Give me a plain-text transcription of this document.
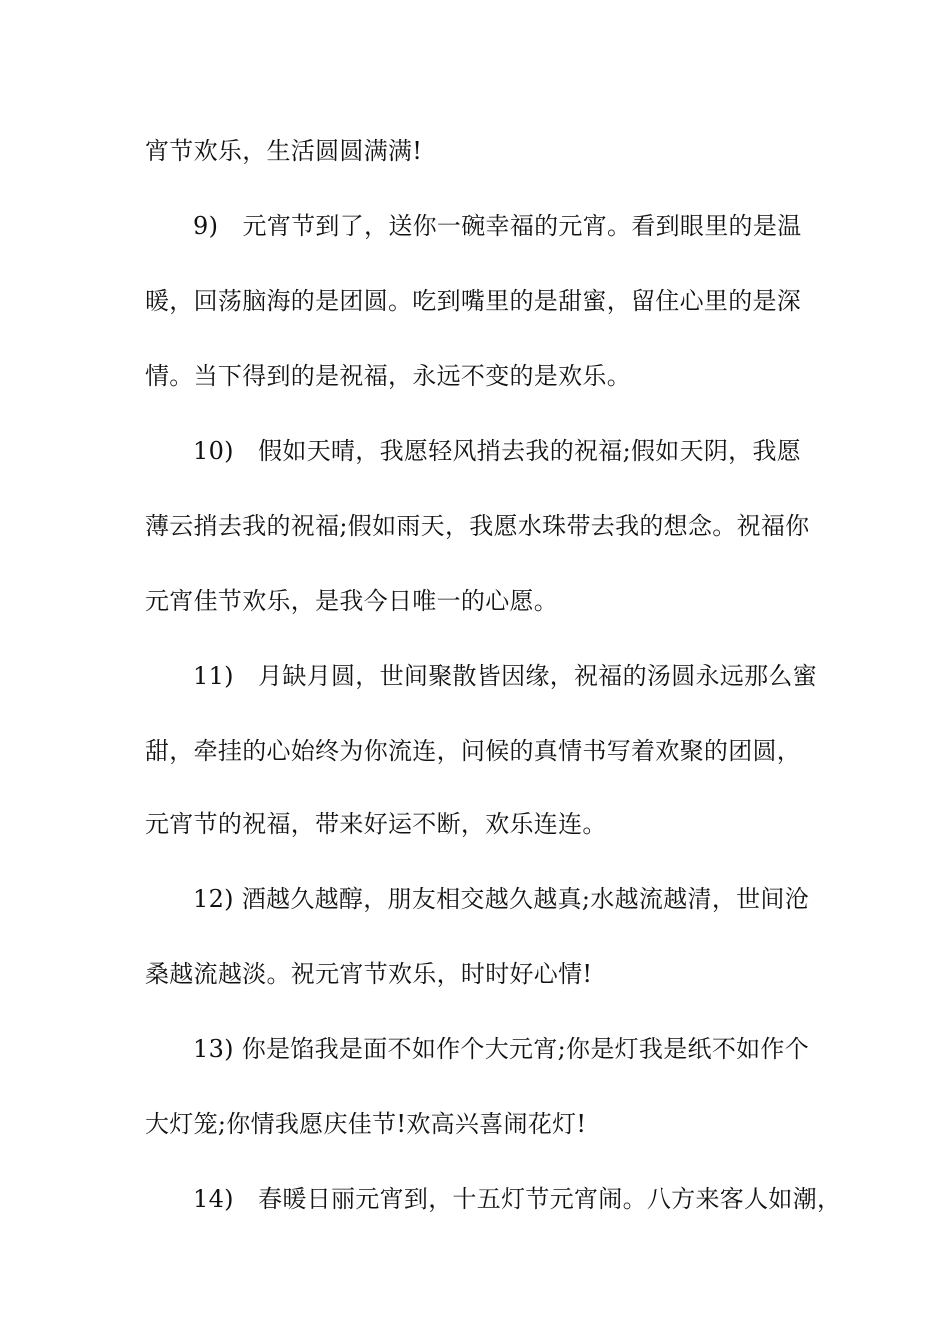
宵节欢乐，生活圆圆满满!
9)　元宵节到了，送你一碗幸福的元宵。看到眼里的是温
暖，回荡脑海的是团圆。吃到嘴里的是甜蜜，留住心里的是深
情。当下得到的是祝福，永远不变的是欢乐。
10)　假如天晴，我愿轻风捎去我的祝福;假如天阴，我愿
薄云捎去我的祝福;假如雨天，我愿水珠带去我的想念。祝福你
元宵佳节欢乐，是我今日唯一的心愿。
11)　月缺月圆，世间聚散皆因缘，祝福的汤圆永远那么蜜
甜，牵挂的心始终为你流连，问候的真情书写着欢聚的团圆，
元宵节的祝福，带来好运不断，欢乐连连。
12) 酒越久越醇，朋友相交越久越真;水越流越清，世间沧
桑越流越淡。祝元宵节欢乐，时时好心情!
13) 你是馅我是面不如作个大元宵;你是灯我是纸不如作个
大灯笼;你情我愿庆佳节!欢高兴喜闹花灯!
14)　春暖日丽元宵到，十五灯节元宵闹。八方来客人如潮，
